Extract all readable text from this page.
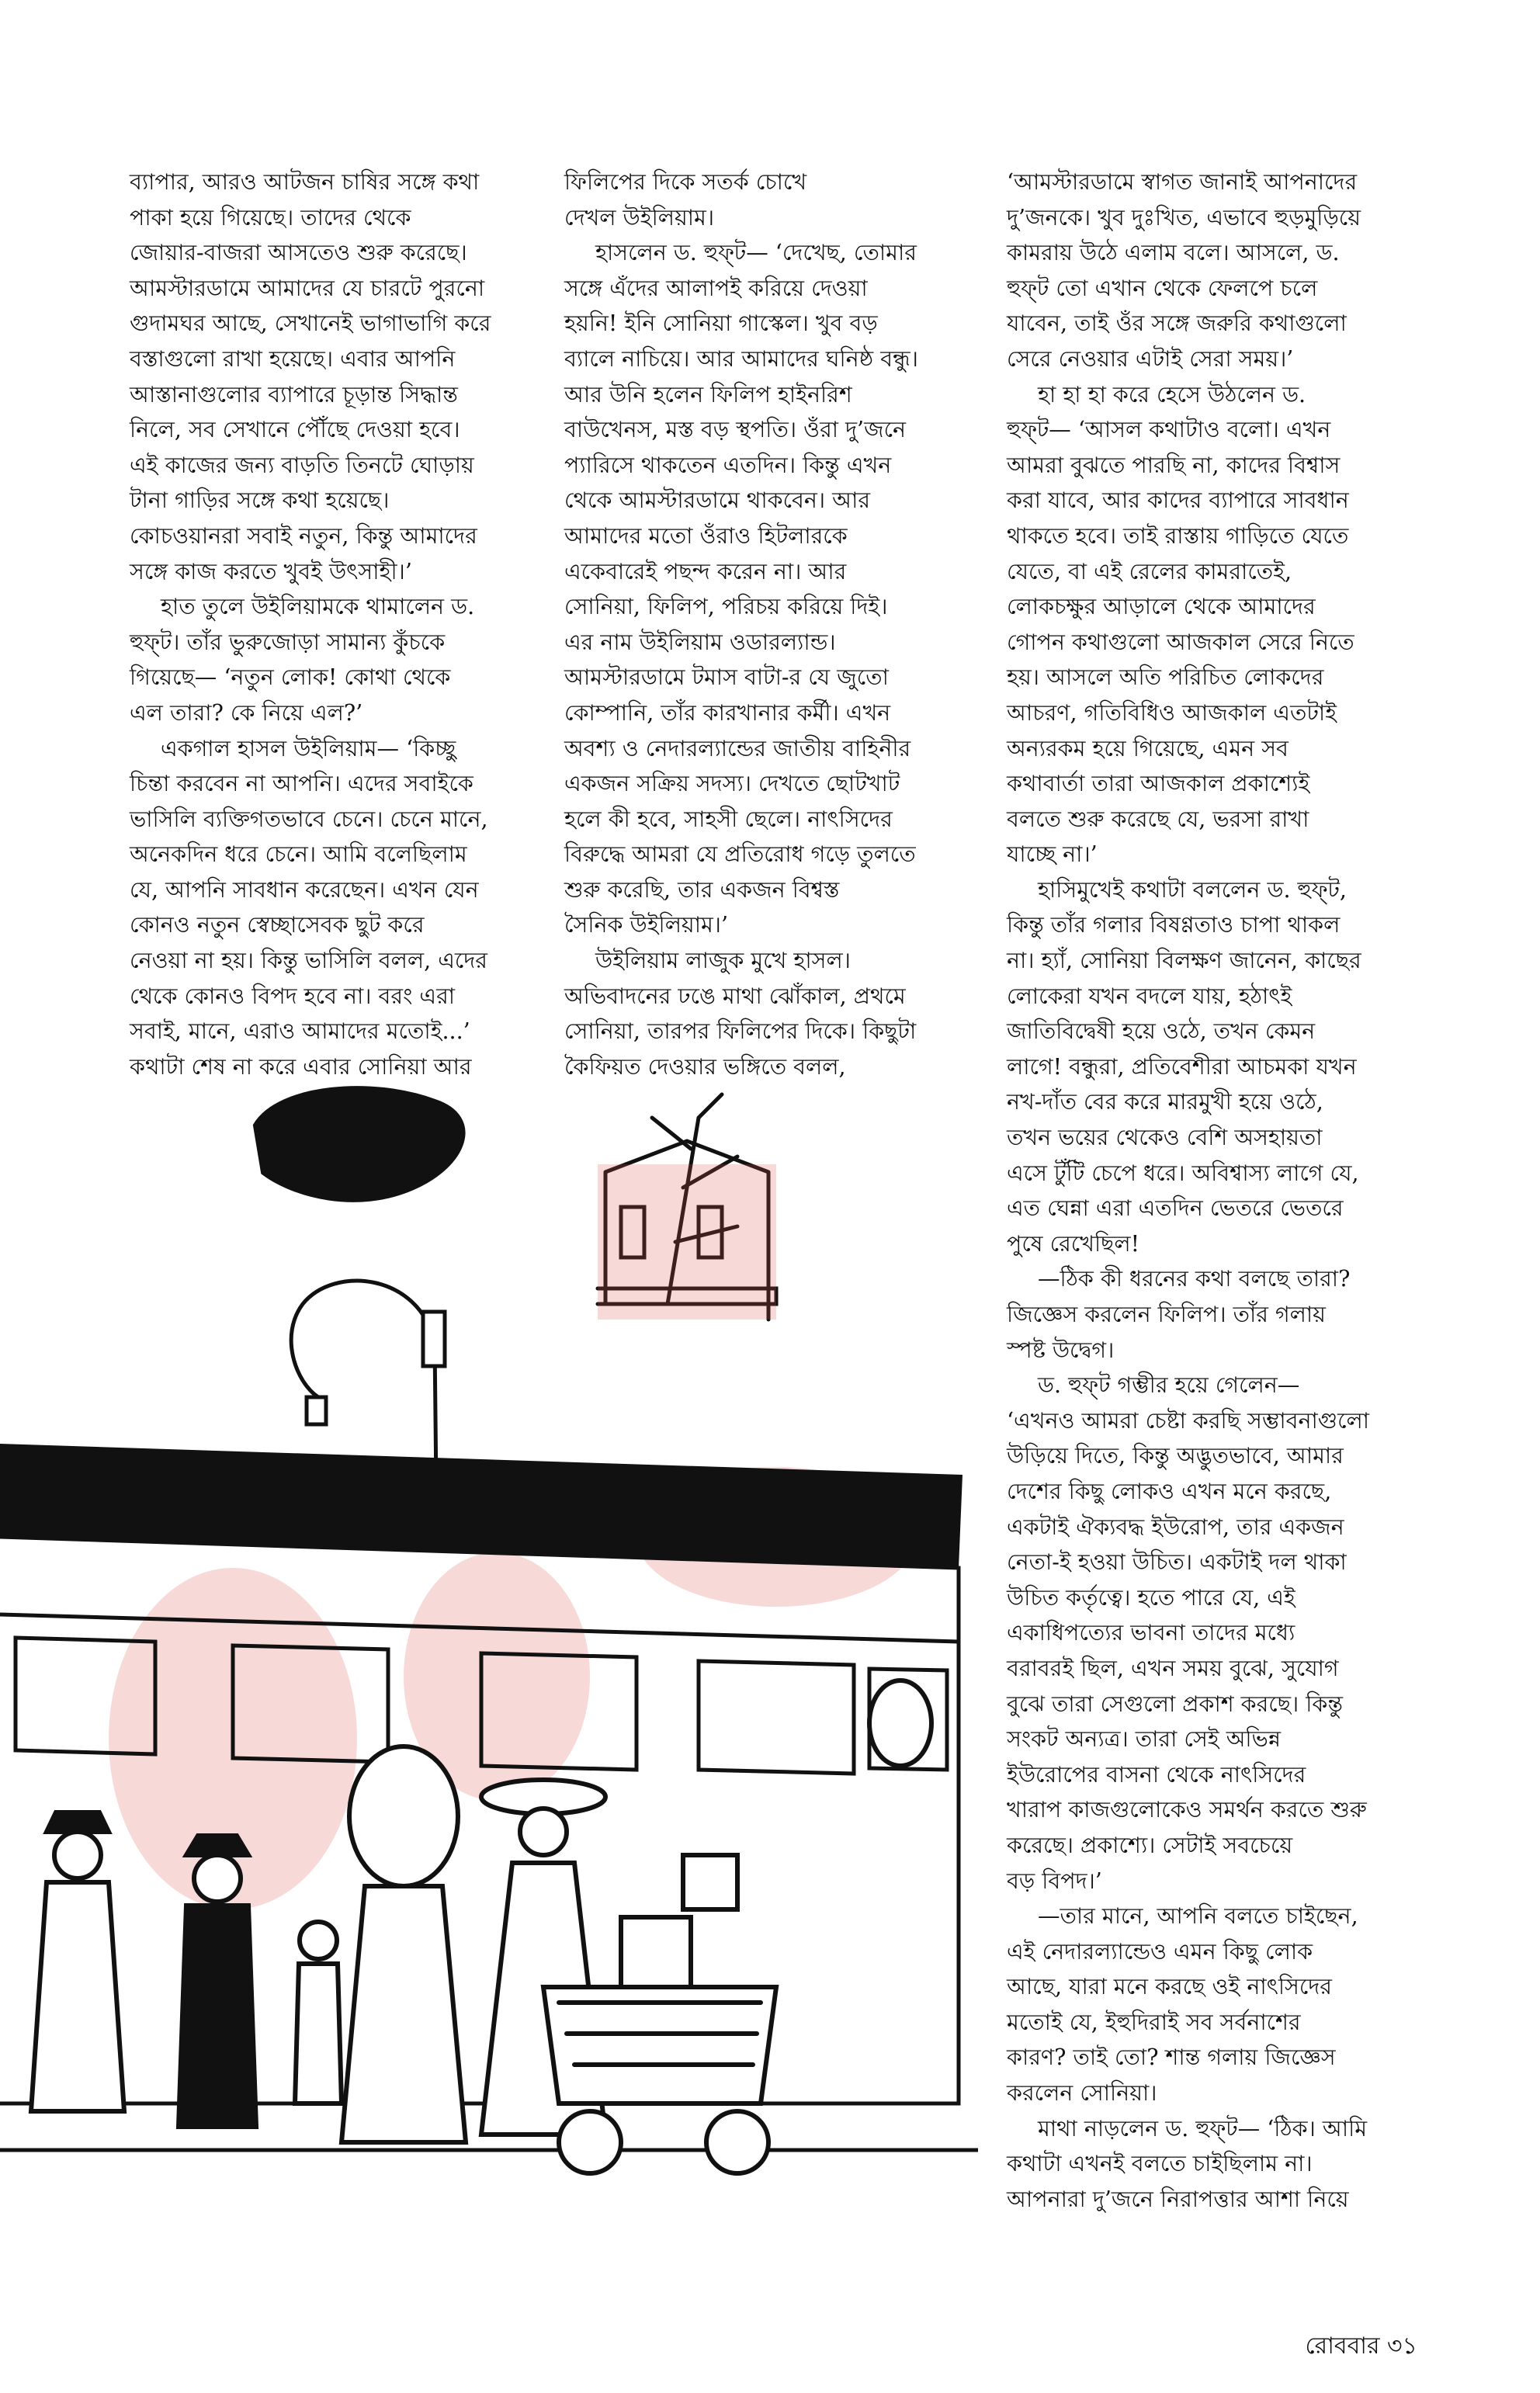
ব্যাপার, আরও আটজন চাষির সঙ্গে কথা
পাকা হয়ে গিয়েছে। তাদের থেকে
জোয়ার-বাজরা আসতেও শুরু করেছে।
আমস্টারডামে আমাদের যে চারটে পুরনো
গুদামঘর আছে, সেখানেই ভাগাভাগি করে
বস্তাগুলো রাখা হয়েছে। এবার আপনি
আস্তানাগুলোর ব্যাপারে চূড়ান্ত সিদ্ধান্ত
নিলে, সব সেখানে পৌঁছে দেওয়া হবে।
এই কাজের জন্য বাড়তি তিনটে ঘোড়ায়
টানা গাড়ির সঙ্গে কথা হয়েছে।
কোচওয়ানরা সবাই নতুন, কিন্তু আমাদের
সঙ্গে কাজ করতে খুবই উৎসাহী।’

হাত তুলে উইলিয়ামকে থামালেন ড.
হুফ্‌ট। তাঁর ভুরুজোড়া সামান্য কুঁচকে
গিয়েছে— ‘নতুন লোক! কোথা থেকে
এল তারা? কে নিয়ে এল?’

একগাল হাসল উইলিয়াম— ‘কিচ্ছু
চিন্তা করবেন না আপনি। এদের সবাইকে
ভাসিলি ব্যক্তিগতভাবে চেনে। চেনে মানে,
অনেকদিন ধরে চেনে। আমি বলেছিলাম
যে, আপনি সাবধান করেছেন। এখন যেন
কোনও নতুন স্বেচ্ছাসেবক ছুট করে
নেওয়া না হয়। কিন্তু ভাসিলি বলল, এদের
থেকে কোনও বিপদ হবে না। বরং এরা
সবাই, মানে, এরাও আমাদের মতোই...’
কথাটা শেষ না করে এবার সোনিয়া আর

ফিলিপের দিকে সতর্ক চোখে
দেখল উইলিয়াম।

হাসলেন ড. হুফ্‌ট— ‘দেখেছ, তোমার
সঙ্গে এঁদের আলাপই করিয়ে দেওয়া
হয়নি! ইনি সোনিয়া গাস্কেল। খুব বড়
ব্যালে নাচিয়ে। আর আমাদের ঘনিষ্ঠ বন্ধু।
আর উনি হলেন ফিলিপ হাইনরিশ
বাউখেনস, মস্ত বড় স্থপতি। ওঁরা দু’জনে
প্যারিসে থাকতেন এতদিন। কিন্তু এখন
থেকে আমস্টারডামে থাকবেন। আর
আমাদের মতো ওঁরাও হিটলারকে
একেবারেই পছন্দ করেন না। আর
সোনিয়া, ফিলিপ, পরিচয় করিয়ে দিই।
এর নাম উইলিয়াম ওডারল্যান্ড।
আমস্টারডামে টমাস বাটা-র যে জুতো
কোম্পানি, তাঁর কারখানার কর্মী। এখন
অবশ্য ও নেদারল্যান্ডের জাতীয় বাহিনীর
একজন সক্রিয় সদস্য। দেখতে ছোটখাট
হলে কী হবে, সাহসী ছেলে। নাৎসিদের
বিরুদ্ধে আমরা যে প্রতিরোধ গড়ে তুলতে
শুরু করেছি, তার একজন বিশ্বস্ত
সৈনিক উইলিয়াম।’

উইলিয়াম লাজুক মুখে হাসল।
অভিবাদনের ঢঙে মাথা ঝোঁকাল, প্রথমে
সোনিয়া, তারপর ফিলিপের দিকে। কিছুটা
কৈফিয়ত দেওয়ার ভঙ্গিতে বলল,

‘আমস্টারডামে স্বাগত জানাই আপনাদের
দু’জনকে। খুব দুঃখিত, এভাবে হুড়মুড়িয়ে
কামরায় উঠে এলাম বলে। আসলে, ড.
হুফ্‌ট তো এখান থেকে ফেলপে চলে
যাবেন, তাই ওঁর সঙ্গে জরুরি কথাগুলো
সেরে নেওয়ার এটাই সেরা সময়।’

হা হা হা করে হেসে উঠলেন ড.
হুফ্‌ট— ‘আসল কথাটাও বলো। এখন
আমরা বুঝতে পারছি না, কাদের বিশ্বাস
করা যাবে, আর কাদের ব্যাপারে সাবধান
থাকতে হবে। তাই রাস্তায় গাড়িতে যেতে
যেতে, বা এই রেলের কামরাতেই,
লোকচক্ষুর আড়ালে থেকে আমাদের
গোপন কথাগুলো আজকাল সেরে নিতে
হয়। আসলে অতি পরিচিত লোকদের
আচরণ, গতিবিধিও আজকাল এতটাই
অন্যরকম হয়ে গিয়েছে, এমন সব
কথাবার্তা তারা আজকাল প্রকাশ্যেই
বলতে শুরু করেছে যে, ভরসা রাখা
যাচ্ছে না।’

হাসিমুখেই কথাটা বললেন ড. হুফ্‌ট,
কিন্তু তাঁর গলার বিষণ্ণতাও চাপা থাকল
না। হ্যাঁ, সোনিয়া বিলক্ষণ জানেন, কাছের
লোকেরা যখন বদলে যায়, হঠাৎই
জাতিবিদ্বেষী হয়ে ওঠে, তখন কেমন
লাগে! বন্ধুরা, প্রতিবেশীরা আচমকা যখন
নখ-দাঁত বের করে মারমুখী হয়ে ওঠে,
তখন ভয়ের থেকেও বেশি অসহায়তা
এসে টুঁটি চেপে ধরে। অবিশ্বাস্য লাগে যে,
এত ঘেন্না এরা এতদিন ভেতরে ভেতরে
পুষে রেখেছিল!

—ঠিক কী ধরনের কথা বলছে তারা?
জিজ্ঞেস করলেন ফিলিপ। তাঁর গলায়
স্পষ্ট উদ্বেগ।

ড. হুফ্‌ট গম্ভীর হয়ে গেলেন—
‘এখনও আমরা চেষ্টা করছি সম্ভাবনাগুলো
উড়িয়ে দিতে, কিন্তু অদ্ভুতভাবে, আমার
দেশের কিছু লোকও এখন মনে করছে,
একটাই ঐক্যবদ্ধ ইউরোপ, তার একজন
নেতা-ই হওয়া উচিত। একটাই দল থাকা
উচিত কর্তৃত্বে। হতে পারে যে, এই
একাধিপত্যের ভাবনা তাদের মধ্যে
বরাবরই ছিল, এখন সময় বুঝে, সুযোগ
বুঝে তারা সেগুলো প্রকাশ করছে। কিন্তু
সংকট অন্যত্র। তারা সেই অভিন্ন
ইউরোপের বাসনা থেকে নাৎসিদের
খারাপ কাজগুলোকেও সমর্থন করতে শুরু
করেছে। প্রকাশ্যে। সেটাই সবচেয়ে
বড় বিপদ।’

—তার মানে, আপনি বলতে চাইছেন,
এই নেদারল্যান্ডেও এমন কিছু লোক
আছে, যারা মনে করছে ওই নাৎসিদের
মতোই যে, ইহুদিরাই সব সর্বনাশের
কারণ? তাই তো? শান্ত গলায় জিজ্ঞেস
করলেন সোনিয়া।

মাথা নাড়লেন ড. হুফ্‌ট— ‘ঠিক। আমি
কথাটা এখনই বলতে চাইছিলাম না।
আপনারা দু’জনে নিরাপত্তার আশা নিয়ে

রোববার ৩১
